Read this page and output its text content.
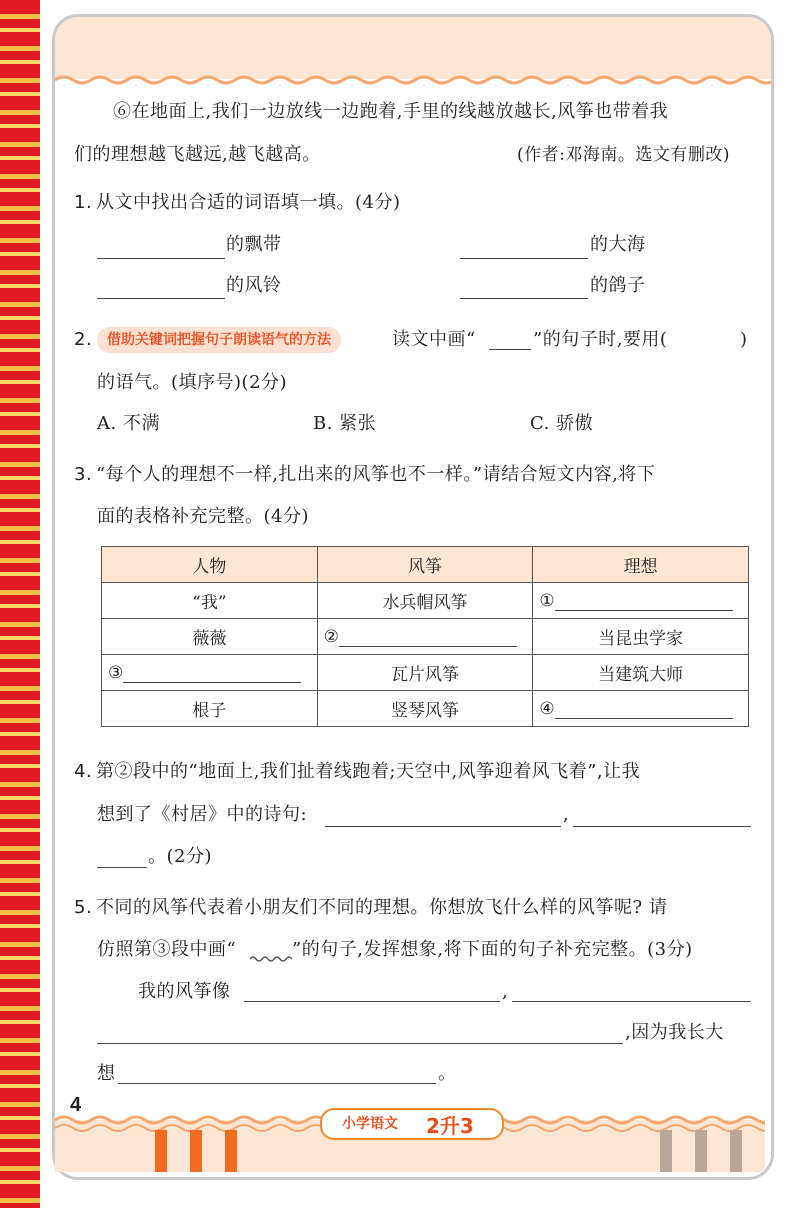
⑥在地面上,我们一边放线一边跑着,手里的线越放越长,风筝也带着我
们的理想越飞越远,越飞越高。	(作者:邓海南。选文有删改)
1. 从文中找出合适的词语填一填。(4分)
的飘带	的大海
的风铃	的鸽子
2.	借助关键词把握句子朗读语气的方法	读文中画“	”的句子时,要用(	)
的语气。(填序号)(2分)
A. 不满	B. 紧张	C. 骄傲
3. “每个人的理想不一样,扎出来的风筝也不一样。”请结合短文内容,将下
面的表格补充完整。(4分)
人物	风筝	理想
“我”	水兵帽风筝	①
薇薇	②	当昆虫学家
③	瓦片风筝	当建筑大师
根子	竖琴风筝	④
4. 第②段中的“地面上,我们扯着线跑着;天空中,风筝迎着风飞着”,让我
想到了《村居》中的诗句:	,
。(2分)
5. 不同的风筝代表着小朋友们不同的理想。你想放飞什么样的风筝呢? 请
仿照第③段中画“	”的句子,发挥想象,将下面的句子补充完整。(3分)
我的风筝像	,
,因为我长大
想	。
4
小学语文 2升3
